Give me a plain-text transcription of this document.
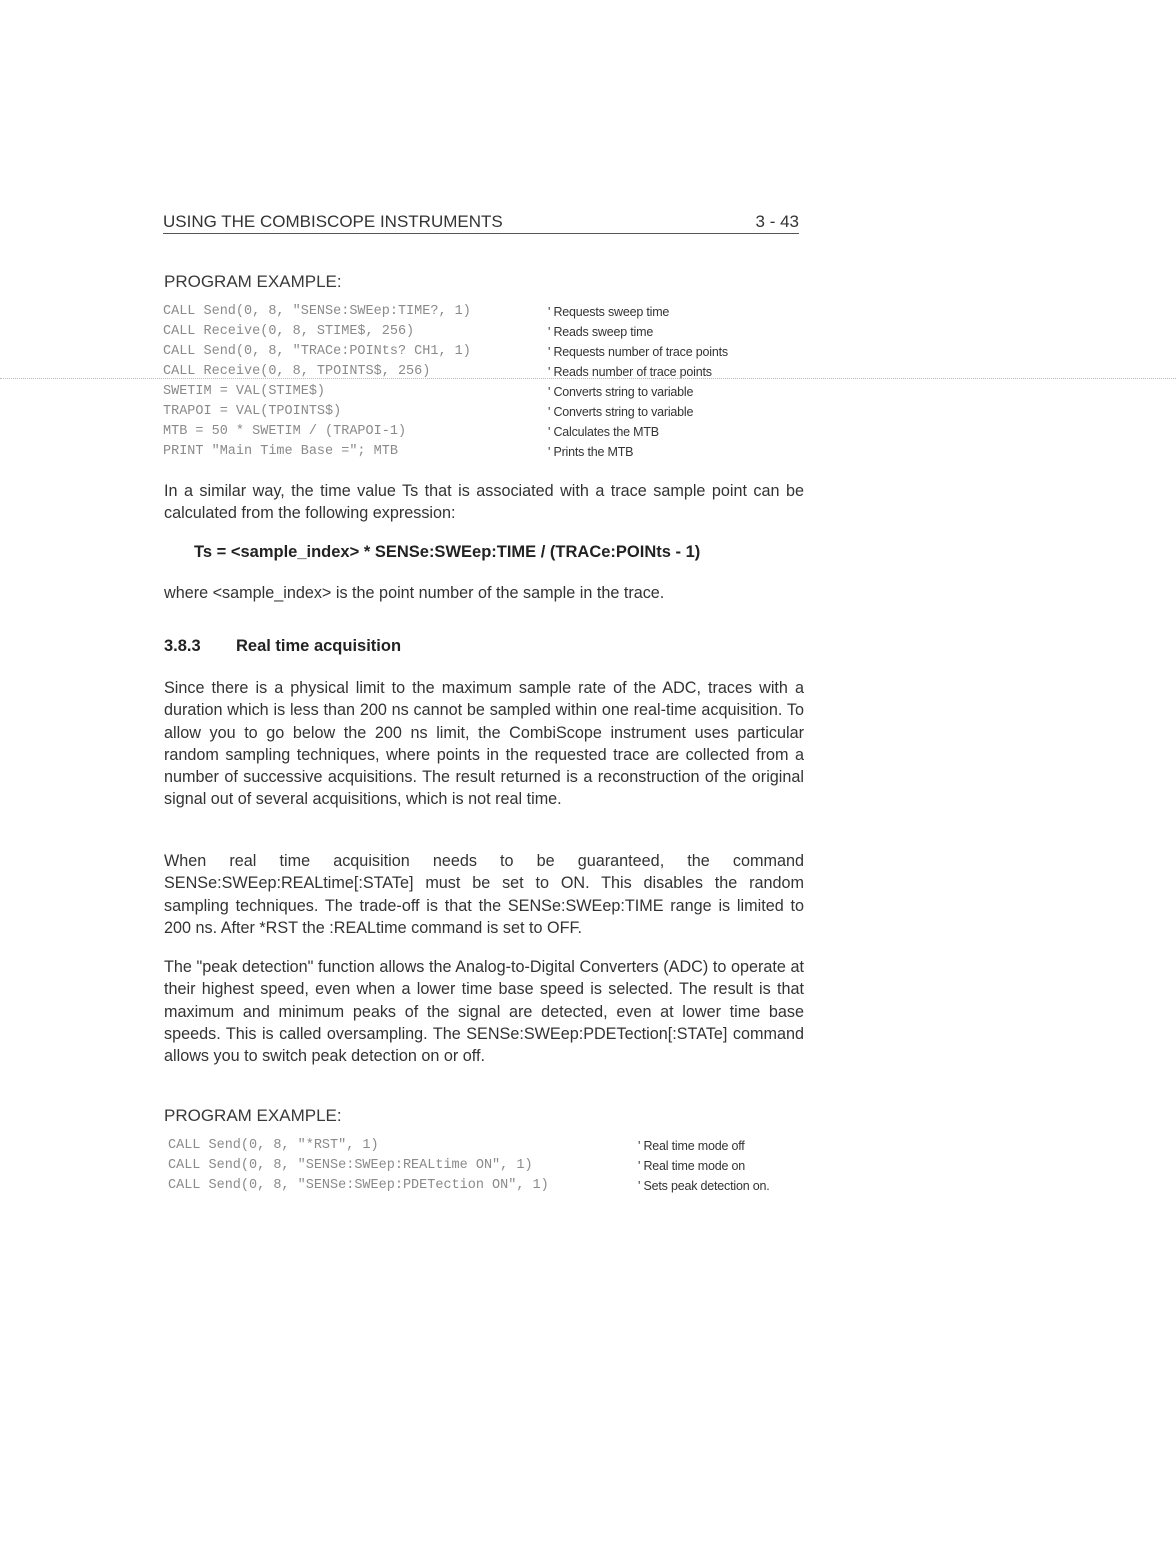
USING THE COMBISCOPE INSTRUMENTS	3 - 43
PROGRAM EXAMPLE:
CALL Send(0, 8, "SENSe:SWEep:TIME?, 1)	' Requests sweep time
CALL Receive(0, 8, STIME$, 256)	' Reads sweep time
CALL Send(0, 8, "TRACe:POINts? CH1, 1)	' Requests number of trace points
CALL Receive(0, 8, TPOINTS$, 256)	' Reads number of trace points
SWETIM = VAL(STIME$)	' Converts string to variable
TRAPOI = VAL(TPOINTS$)	' Converts string to variable
MTB = 50 * SWETIM / (TRAPOI-1)	' Calculates the MTB
PRINT "Main Time Base ="; MTB	' Prints the MTB

In a similar way, the time value Ts that is associated with a trace sample point can be calculated from the following expression:

Ts = <sample_index> * SENSe:SWEep:TIME / (TRACe:POINts - 1)

where <sample_index> is the point number of the sample in the trace.

3.8.3	Real time acquisition

Since there is a physical limit to the maximum sample rate of the ADC, traces with a duration which is less than 200 ns cannot be sampled within one real-time acquisition. To allow you to go below the 200 ns limit, the CombiScope instrument uses particular random sampling techniques, where points in the requested trace are collected from a number of successive acquisitions. The result returned is a reconstruction of the original signal out of several acquisitions, which is not real time.

When real time acquisition needs to be guaranteed, the command SENSe:SWEep:REALtime[:STATe] must be set to ON. This disables the random sampling techniques. The trade-off is that the SENSe:SWEep:TIME range is limited to 200 ns. After *RST the :REALtime command is set to OFF.

The "peak detection" function allows the Analog-to-Digital Converters (ADC) to operate at their highest speed, even when a lower time base speed is selected. The result is that maximum and minimum peaks of the signal are detected, even at lower time base speeds. This is called oversampling. The SENSe:SWEep:PDETection[:STATe] command allows you to switch peak detection on or off.

PROGRAM EXAMPLE:
CALL Send(0, 8, "*RST", 1)	' Real time mode off
CALL Send(0, 8, "SENSe:SWEep:REALtime ON", 1)	' Real time mode on
CALL Send(0, 8, "SENSe:SWEep:PDETection ON", 1)	' Sets peak detection on.
